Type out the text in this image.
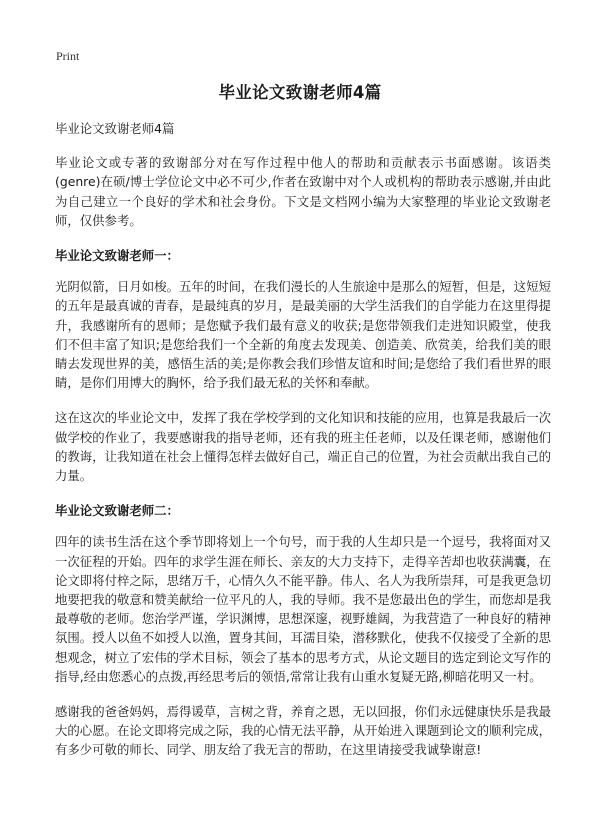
Print
毕业论文致谢老师4篇

毕业论文致谢老师4篇

毕业论文或专著的致谢部分对在写作过程中他人的帮助和贡献表示书面感谢。该语类(genre)在硕/博士学位论文中必不可少,作者在致谢中对个人或机构的帮助表示感谢,并由此为自己建立一个良好的学术和社会身份。下文是文档网小编为大家整理的毕业论文致谢老师，仅供参考。

毕业论文致谢老师一：

光阴似箭，日月如梭。五年的时间，在我们漫长的人生旅途中是那么的短暂，但是，这短短的五年是最真诚的青春，是最纯真的岁月，是最美丽的大学生活我们的自学能力在这里得提升，我感谢所有的恩师；是您赋予我们最有意义的收获;是您带领我们走进知识殿堂，使我们不但丰富了知识;是您给我们一个全新的角度去发现美、创造美、欣赏美，给我们美的眼睛去发现世界的美，感悟生活的美;是你教会我们珍惜友谊和时间;是您给了我们看世界的眼睛，是你们用博大的胸怀，给予我们最无私的关怀和奉献。

这在这次的毕业论文中，发挥了我在学校学到的文化知识和技能的应用，也算是我最后一次做学校的作业了，我要感谢我的指导老师，还有我的班主任老师，以及任课老师，感谢他们的教诲，让我知道在社会上懂得怎样去做好自己，端正自己的位置，为社会贡献出我自己的力量。

毕业论文致谢老师二：

四年的读书生活在这个季节即将划上一个句号，而于我的人生却只是一个逗号，我将面对又一次征程的开始。四年的求学生涯在师长、亲友的大力支持下，走得辛苦却也收获满囊，在论文即将付梓之际，思绪万千，心情久久不能平静。伟人、名人为我所崇拜，可是我更急切地要把我的敬意和赞美献给一位平凡的人，我的导师。我不是您最出色的学生，而您却是我最尊敬的老师。您治学严谨，学识渊博，思想深邃，视野雄阔，为我营造了一种良好的精神氛围。授人以鱼不如授人以渔，置身其间，耳濡目染，潜移默化，使我不仅接受了全新的思想观念，树立了宏伟的学术目标，领会了基本的思考方式，从论文题目的选定到论文写作的指导,经由您悉心的点拨,再经思考后的领悟,常常让我有山重水复疑无路,柳暗花明又一村。

感谢我的爸爸妈妈，焉得谖草，言树之背，养育之恩，无以回报，你们永远健康快乐是我最大的心愿。在论文即将完成之际，我的心情无法平静，从开始进入课题到论文的顺利完成，有多少可敬的师长、同学、朋友给了我无言的帮助，在这里请接受我诚挚谢意!
